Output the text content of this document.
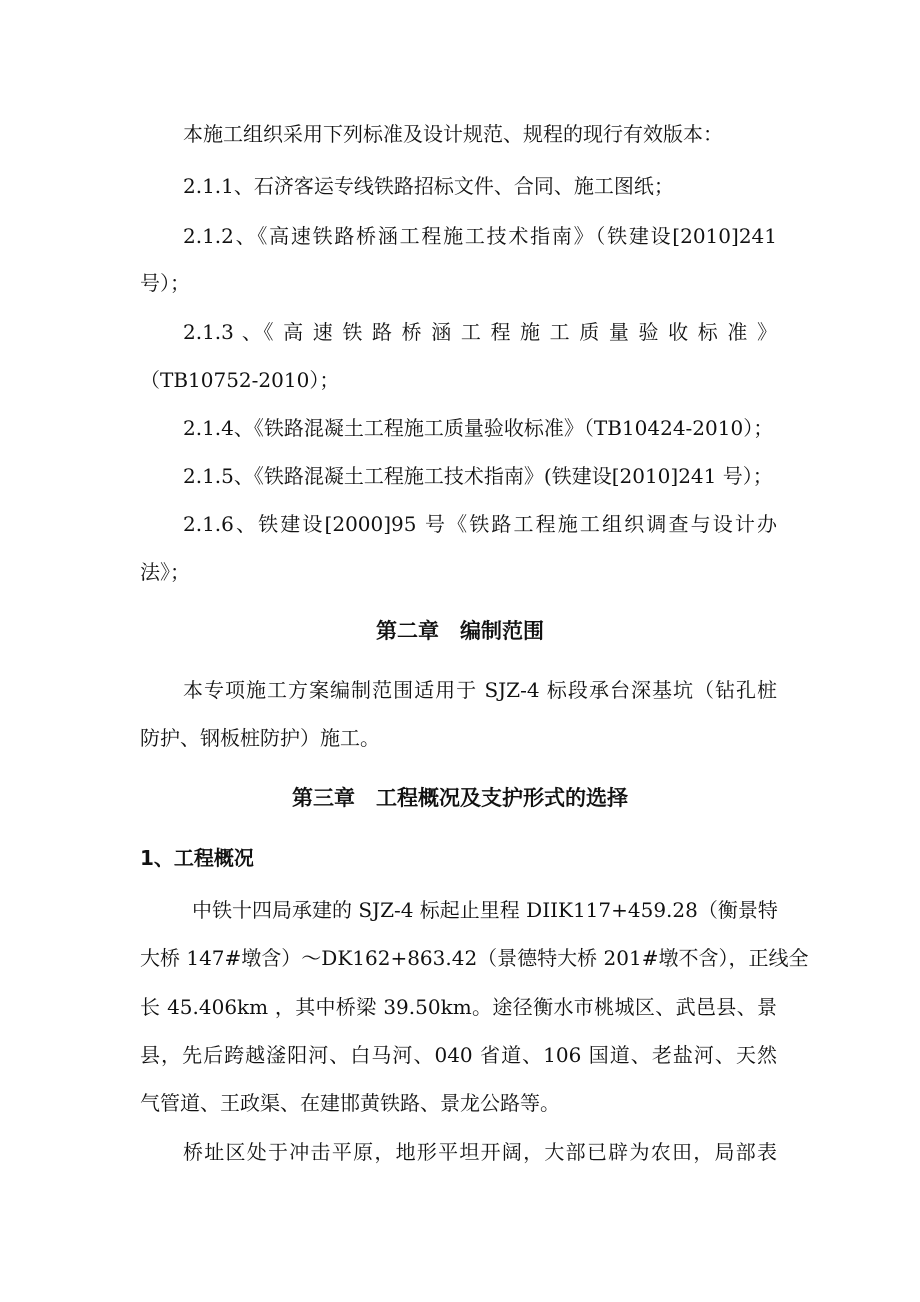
本施工组织采用下列标准及设计规范、规程的现行有效版本：
2.1.1、石济客运专线铁路招标文件、合同、施工图纸；
2.1.2、《高速铁路桥涵工程施工技术指南》（铁建设[2010]241
号）；
2.1.3 、《 高 速 铁 路 桥 涵 工 程 施 工 质 量 验 收 标 准 》
（TB10752-2010）；
2.1.4、《铁路混凝土工程施工质量验收标准》（TB10424-2010）；
2.1.5、《铁路混凝土工程施工技术指南》(铁建设[2010]241 号）；
2.1.6、铁建设[2000]95 号《铁路工程施工组织调查与设计办
法》；
第二章　编制范围
本专项施工方案编制范围适用于 SJZ-4 标段承台深基坑（钻孔桩
防护、钢板桩防护）施工。
第三章　工程概况及支护形式的选择
1、工程概况
中铁十四局承建的 SJZ-4 标起止里程 DIIK117+459.28（衡景特
大桥 147#墩含）～DK162+863.42（景德特大桥 201#墩不含），正线全
长 45.406km ，其中桥梁 39.50km。途径衡水市桃城区、武邑县、景
县，先后跨越滏阳河、白马河、040 省道、106 国道、老盐河、天然
气管道、王政渠、在建邯黄铁路、景龙公路等。
桥址区处于冲击平原，地形平坦开阔，大部已辟为农田，局部表
